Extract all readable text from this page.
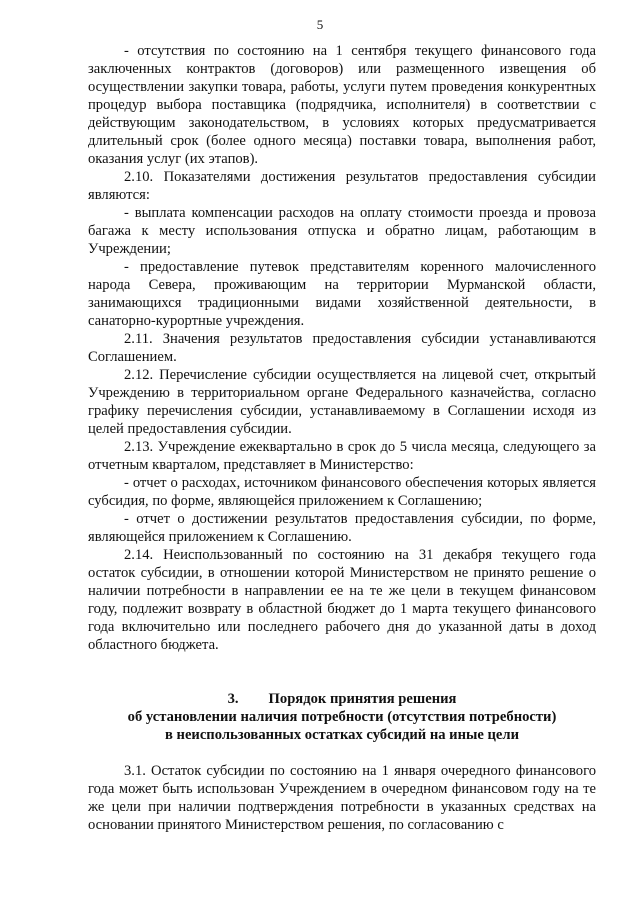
5

- отсутствия по состоянию на 1 сентября текущего финансового года заключенных контрактов (договоров) или размещенного извещения об осуществлении закупки товара, работы, услуги путем проведения конкурентных процедур выбора поставщика (подрядчика, исполнителя) в соответствии с действующим законодательством, в условиях которых предусматривается длительный срок (более одного месяца) поставки товара, выполнения работ, оказания услуг (их этапов).

2.10. Показателями достижения результатов предоставления субсидии являются:

- выплата компенсации расходов на оплату стоимости проезда и провоза багажа к месту использования отпуска и обратно лицам, работающим в Учреждении;

- предоставление путевок представителям коренного малочисленного народа Севера, проживающим на территории Мурманской области, занимающихся традиционными видами хозяйственной деятельности, в санаторно-курортные учреждения.

2.11. Значения результатов предоставления субсидии устанавливаются Соглашением.

2.12. Перечисление субсидии осуществляется на лицевой счет, открытый Учреждению в территориальном органе Федерального казначейства, согласно графику перечисления субсидии, устанавливаемому в Соглашении исходя из целей предоставления субсидии.

2.13. Учреждение ежеквартально в срок до 5 числа месяца, следующего за отчетным кварталом, представляет в Министерство:

- отчет о расходах, источником финансового обеспечения которых является субсидия, по форме, являющейся приложением к Соглашению;

- отчет о достижении результатов предоставления субсидии, по форме, являющейся приложением к Соглашению.

2.14. Неиспользованный по состоянию на 31 декабря текущего года остаток субсидии, в отношении которой Министерством не принято решение о наличии потребности в направлении ее на те же цели в текущем финансовом году, подлежит возврату в областной бюджет до 1 марта текущего финансового года включительно или последнего рабочего дня до указанной даты в доход областного бюджета.

3. Порядок принятия решения

об установлении наличия потребности (отсутствия потребности)

в неиспользованных остатках субсидий на иные цели

3.1. Остаток субсидии по состоянию на 1 января очередного финансового года может быть использован Учреждением в очередном финансовом году на те же цели при наличии подтверждения потребности в указанных средствах на основании принятого Министерством решения, по согласованию с
